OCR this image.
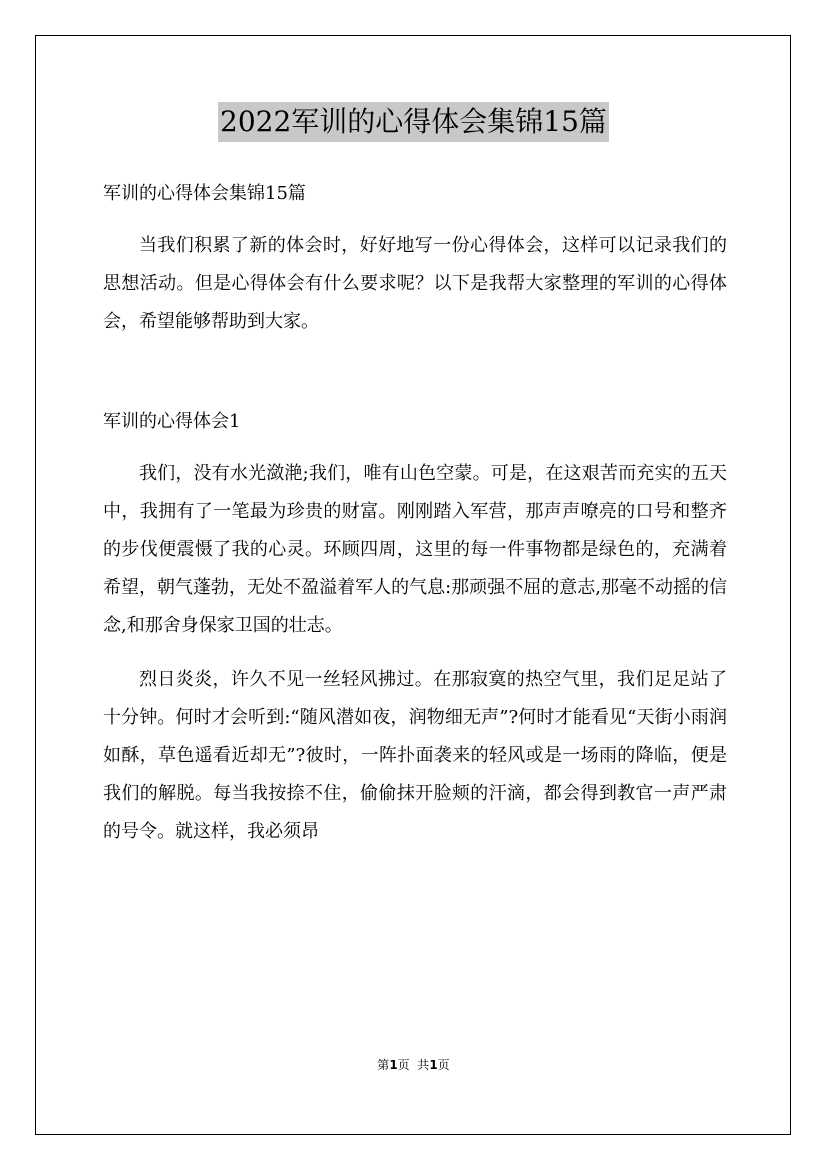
2022军训的心得体会集锦15篇

军训的心得体会集锦15篇

当我们积累了新的体会时，好好地写一份心得体会，这样可以记录我们的思想活动。但是心得体会有什么要求呢？以下是我帮大家整理的军训的心得体会，希望能够帮助到大家。

军训的心得体会1

我们，没有水光潋滟;我们，唯有山色空蒙。可是，在这艰苦而充实的五天中，我拥有了一笔最为珍贵的财富。刚刚踏入军营，那声声嘹亮的口号和整齐的步伐便震慑了我的心灵。环顾四周，这里的每一件事物都是绿色的，充满着希望，朝气蓬勃，无处不盈溢着军人的气息:那顽强不屈的意志,那毫不动摇的信念,和那舍身保家卫国的壮志。

烈日炎炎，许久不见一丝轻风拂过。在那寂寞的热空气里，我们足足站了十分钟。何时才会听到:“随风潜如夜，润物细无声”?何时才能看见“天街小雨润如酥，草色遥看近却无”?彼时，一阵扑面袭来的轻风或是一场雨的降临，便是我们的解脱。每当我按捺不住，偷偷抹开脸颊的汗滴，都会得到教官一声严肃的号令。就这样，我必须昂

第1页  共1页
